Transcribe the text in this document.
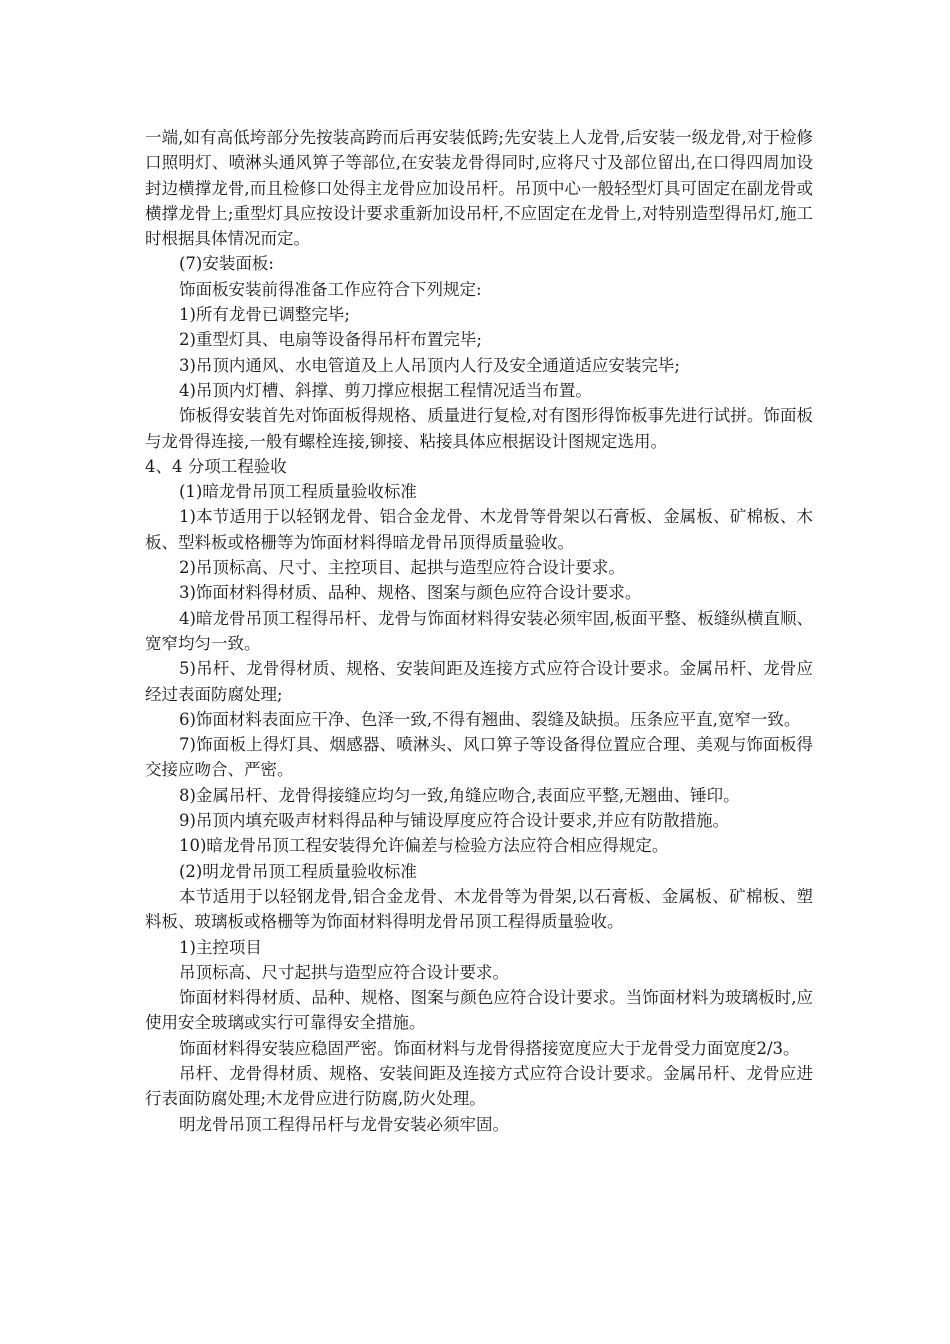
一端,如有高低垮部分先按装高跨而后再安装低跨;先安装上人龙骨,后安装一级龙骨,对于检修口照明灯、喷淋头通风箅子等部位,在安装龙骨得同时,应将尺寸及部位留出,在口得四周加设封边横撑龙骨,而且检修口处得主龙骨应加设吊杆。吊顶中心一般轻型灯具可固定在副龙骨或横撑龙骨上;重型灯具应按设计要求重新加设吊杆,不应固定在龙骨上,对特别造型得吊灯,施工时根据具体情况而定。

(7)安装面板:

饰面板安装前得准备工作应符合下列规定:

1)所有龙骨已调整完毕;

2)重型灯具、电扇等设备得吊杆布置完毕;

3)吊顶内通风、水电管道及上人吊顶内人行及安全通道适应安装完毕;

4)吊顶内灯槽、斜撑、剪刀撑应根据工程情况适当布置。

饰板得安装首先对饰面板得规格、质量进行复检,对有图形得饰板事先进行试拼。饰面板与龙骨得连接,一般有螺栓连接,铆接、粘接具体应根据设计图规定选用。

4、4 分项工程验收

(1)暗龙骨吊顶工程质量验收标准

1)本节适用于以轻钢龙骨、铝合金龙骨、木龙骨等骨架以石膏板、金属板、矿棉板、木板、型料板或格栅等为饰面材料得暗龙骨吊顶得质量验收。

2)吊顶标高、尺寸、主控项目、起拱与造型应符合设计要求。

3)饰面材料得材质、品种、规格、图案与颜色应符合设计要求。

4)暗龙骨吊顶工程得吊杆、龙骨与饰面材料得安装必须牢固,板面平整、板缝纵横直顺、宽窄均匀一致。

5)吊杆、龙骨得材质、规格、安装间距及连接方式应符合设计要求。金属吊杆、龙骨应经过表面防腐处理;

6)饰面材料表面应干净、色泽一致,不得有翘曲、裂缝及缺损。压条应平直,宽窄一致。

7)饰面板上得灯具、烟感器、喷淋头、风口箅子等设备得位置应合理、美观与饰面板得交接应吻合、严密。

8)金属吊杆、龙骨得接缝应均匀一致,角缝应吻合,表面应平整,无翘曲、锤印。

9)吊顶内填充吸声材料得品种与铺设厚度应符合设计要求,并应有防散措施。

10)暗龙骨吊顶工程安装得允许偏差与检验方法应符合相应得规定。

(2)明龙骨吊顶工程质量验收标准

本节适用于以轻钢龙骨,铝合金龙骨、木龙骨等为骨架,以石膏板、金属板、矿棉板、塑料板、玻璃板或格栅等为饰面材料得明龙骨吊顶工程得质量验收。

1)主控项目

吊顶标高、尺寸起拱与造型应符合设计要求。

饰面材料得材质、品种、规格、图案与颜色应符合设计要求。当饰面材料为玻璃板时,应使用安全玻璃或实行可靠得安全措施。

饰面材料得安装应稳固严密。饰面材料与龙骨得搭接宽度应大于龙骨受力面宽度2/3。

吊杆、龙骨得材质、规格、安装间距及连接方式应符合设计要求。金属吊杆、龙骨应进行表面防腐处理;木龙骨应进行防腐,防火处理。

明龙骨吊顶工程得吊杆与龙骨安装必须牢固。
